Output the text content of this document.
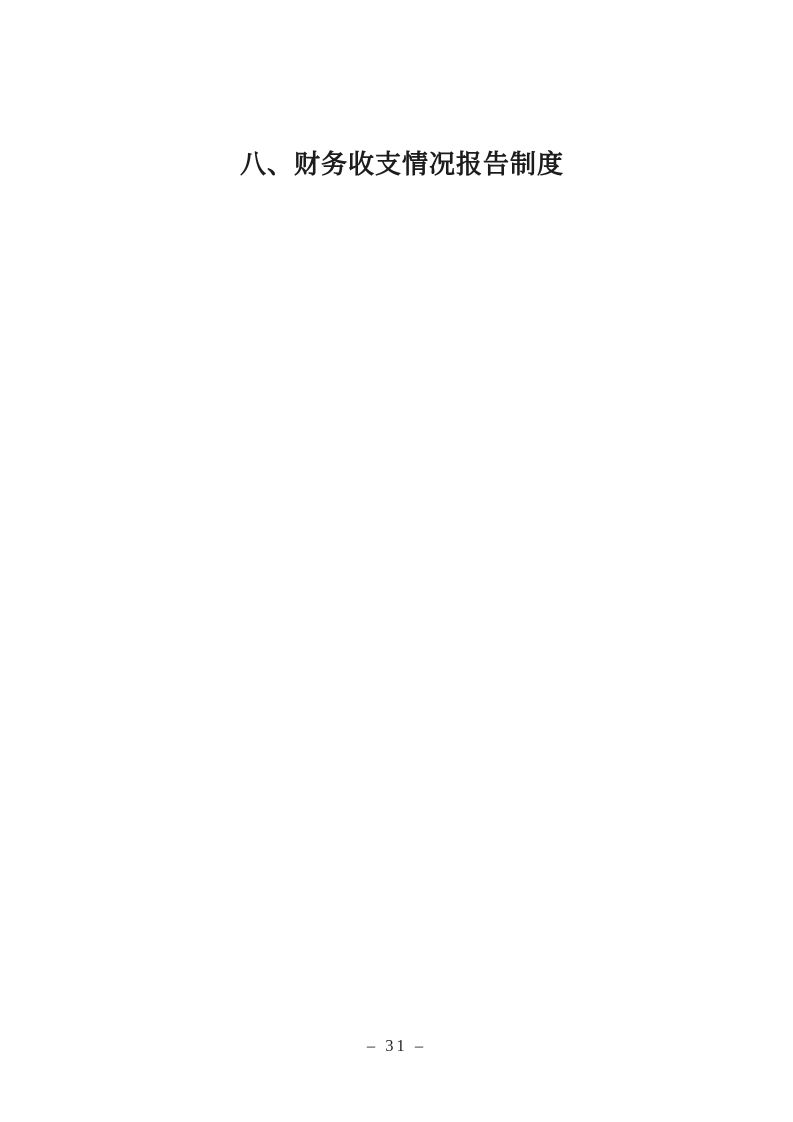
八、财务收支情况报告制度
– 31 –
